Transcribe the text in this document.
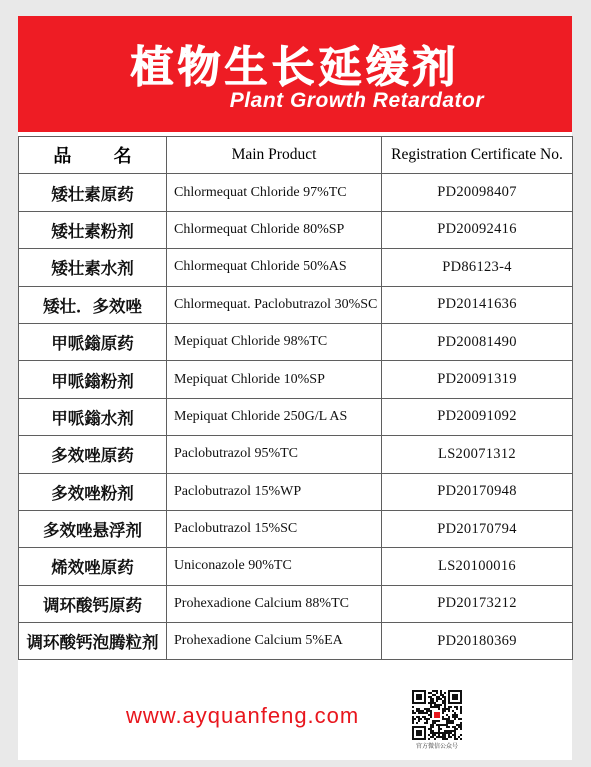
植物生长延缓剂
Plant Growth Retardator
品 名	Main Product	Registration Certificate No.
矮壮素原药	Chlormequat Chloride 97%TC	PD20098407
矮壮素粉剂	Chlormequat Chloride 80%SP	PD20092416
矮壮素水剂	Chlormequat Chloride 50%AS	PD86123-4
矮壮．多效唑	Chlormequat. Paclobutrazol 30%SC	PD20141636
甲哌鎓原药	Mepiquat Chloride 98%TC	PD20081490
甲哌鎓粉剂	Mepiquat Chloride 10%SP	PD20091319
甲哌鎓水剂	Mepiquat Chloride 250G/L AS	PD20091092
多效唑原药	Paclobutrazol 95%TC	LS20071312
多效唑粉剂	Paclobutrazol 15%WP	PD20170948
多效唑悬浮剂	Paclobutrazol 15%SC	PD20170794
烯效唑原药	Uniconazole 90%TC	LS20100016
调环酸钙原药	Prohexadione Calcium 88%TC	PD20173212
调环酸钙泡腾粒剂	Prohexadione Calcium 5%EA	PD20180369
www.ayquanfeng.com
官方微信公众号
